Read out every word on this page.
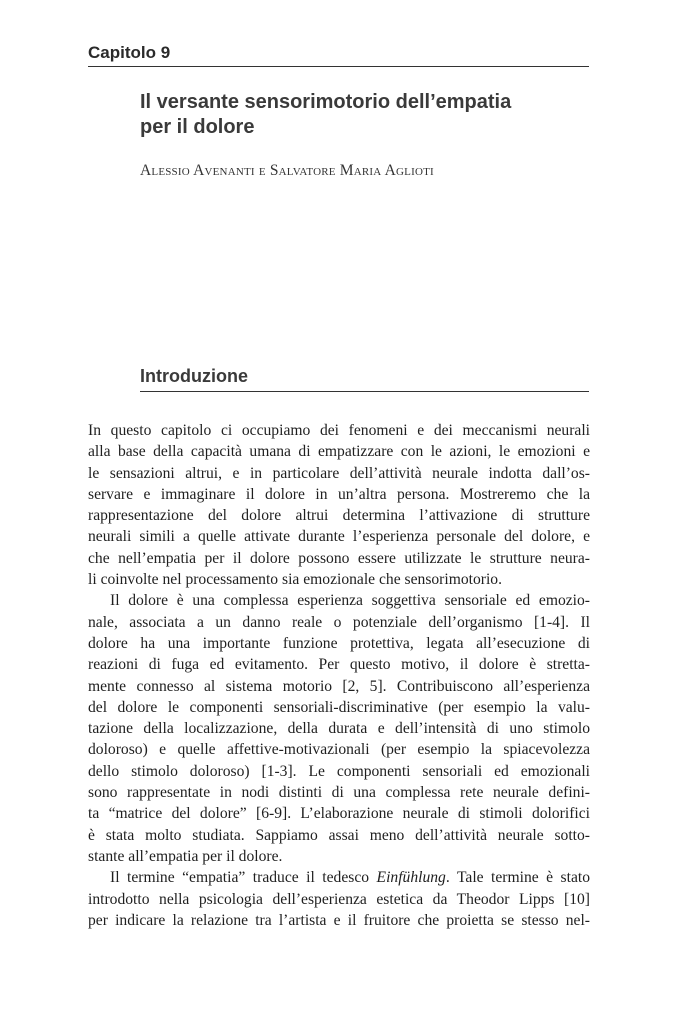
Capitolo 9
Il versante sensorimotorio dell’empatia
per il dolore
Alessio Avenanti e Salvatore Maria Aglioti
Introduzione

In questo capitolo ci occupiamo dei fenomeni e dei meccanismi neurali
alla base della capacità umana di empatizzare con le azioni, le emozioni e
le sensazioni altrui, e in particolare dell’attività neurale indotta dall’os-
servare e immaginare il dolore in un’altra persona. Mostreremo che la
rappresentazione del dolore altrui determina l’attivazione di strutture
neurali simili a quelle attivate durante l’esperienza personale del dolore, e
che nell’empatia per il dolore possono essere utilizzate le strutture neura-
li coinvolte nel processamento sia emozionale che sensorimotorio.

Il dolore è una complessa esperienza soggettiva sensoriale ed emozio-
nale, associata a un danno reale o potenziale dell’organismo [1-4]. Il
dolore ha una importante funzione protettiva, legata all’esecuzione di
reazioni di fuga ed evitamento. Per questo motivo, il dolore è stretta-
mente connesso al sistema motorio [2, 5]. Contribuiscono all’esperienza
del dolore le componenti sensoriali-discriminative (per esempio la valu-
tazione della localizzazione, della durata e dell’intensità di uno stimolo
doloroso) e quelle affettive-motivazionali (per esempio la spiacevolezza
dello stimolo doloroso) [1-3]. Le componenti sensoriali ed emozionali
sono rappresentate in nodi distinti di una complessa rete neurale defini-
ta “matrice del dolore” [6-9]. L’elaborazione neurale di stimoli dolorifici
è stata molto studiata. Sappiamo assai meno dell’attività neurale sotto-
stante all’empatia per il dolore.

Il termine “empatia” traduce il tedesco Einfühlung. Tale termine è stato
introdotto nella psicologia dell’esperienza estetica da Theodor Lipps [10]
per indicare la relazione tra l’artista e il fruitore che proietta se stesso nel-
